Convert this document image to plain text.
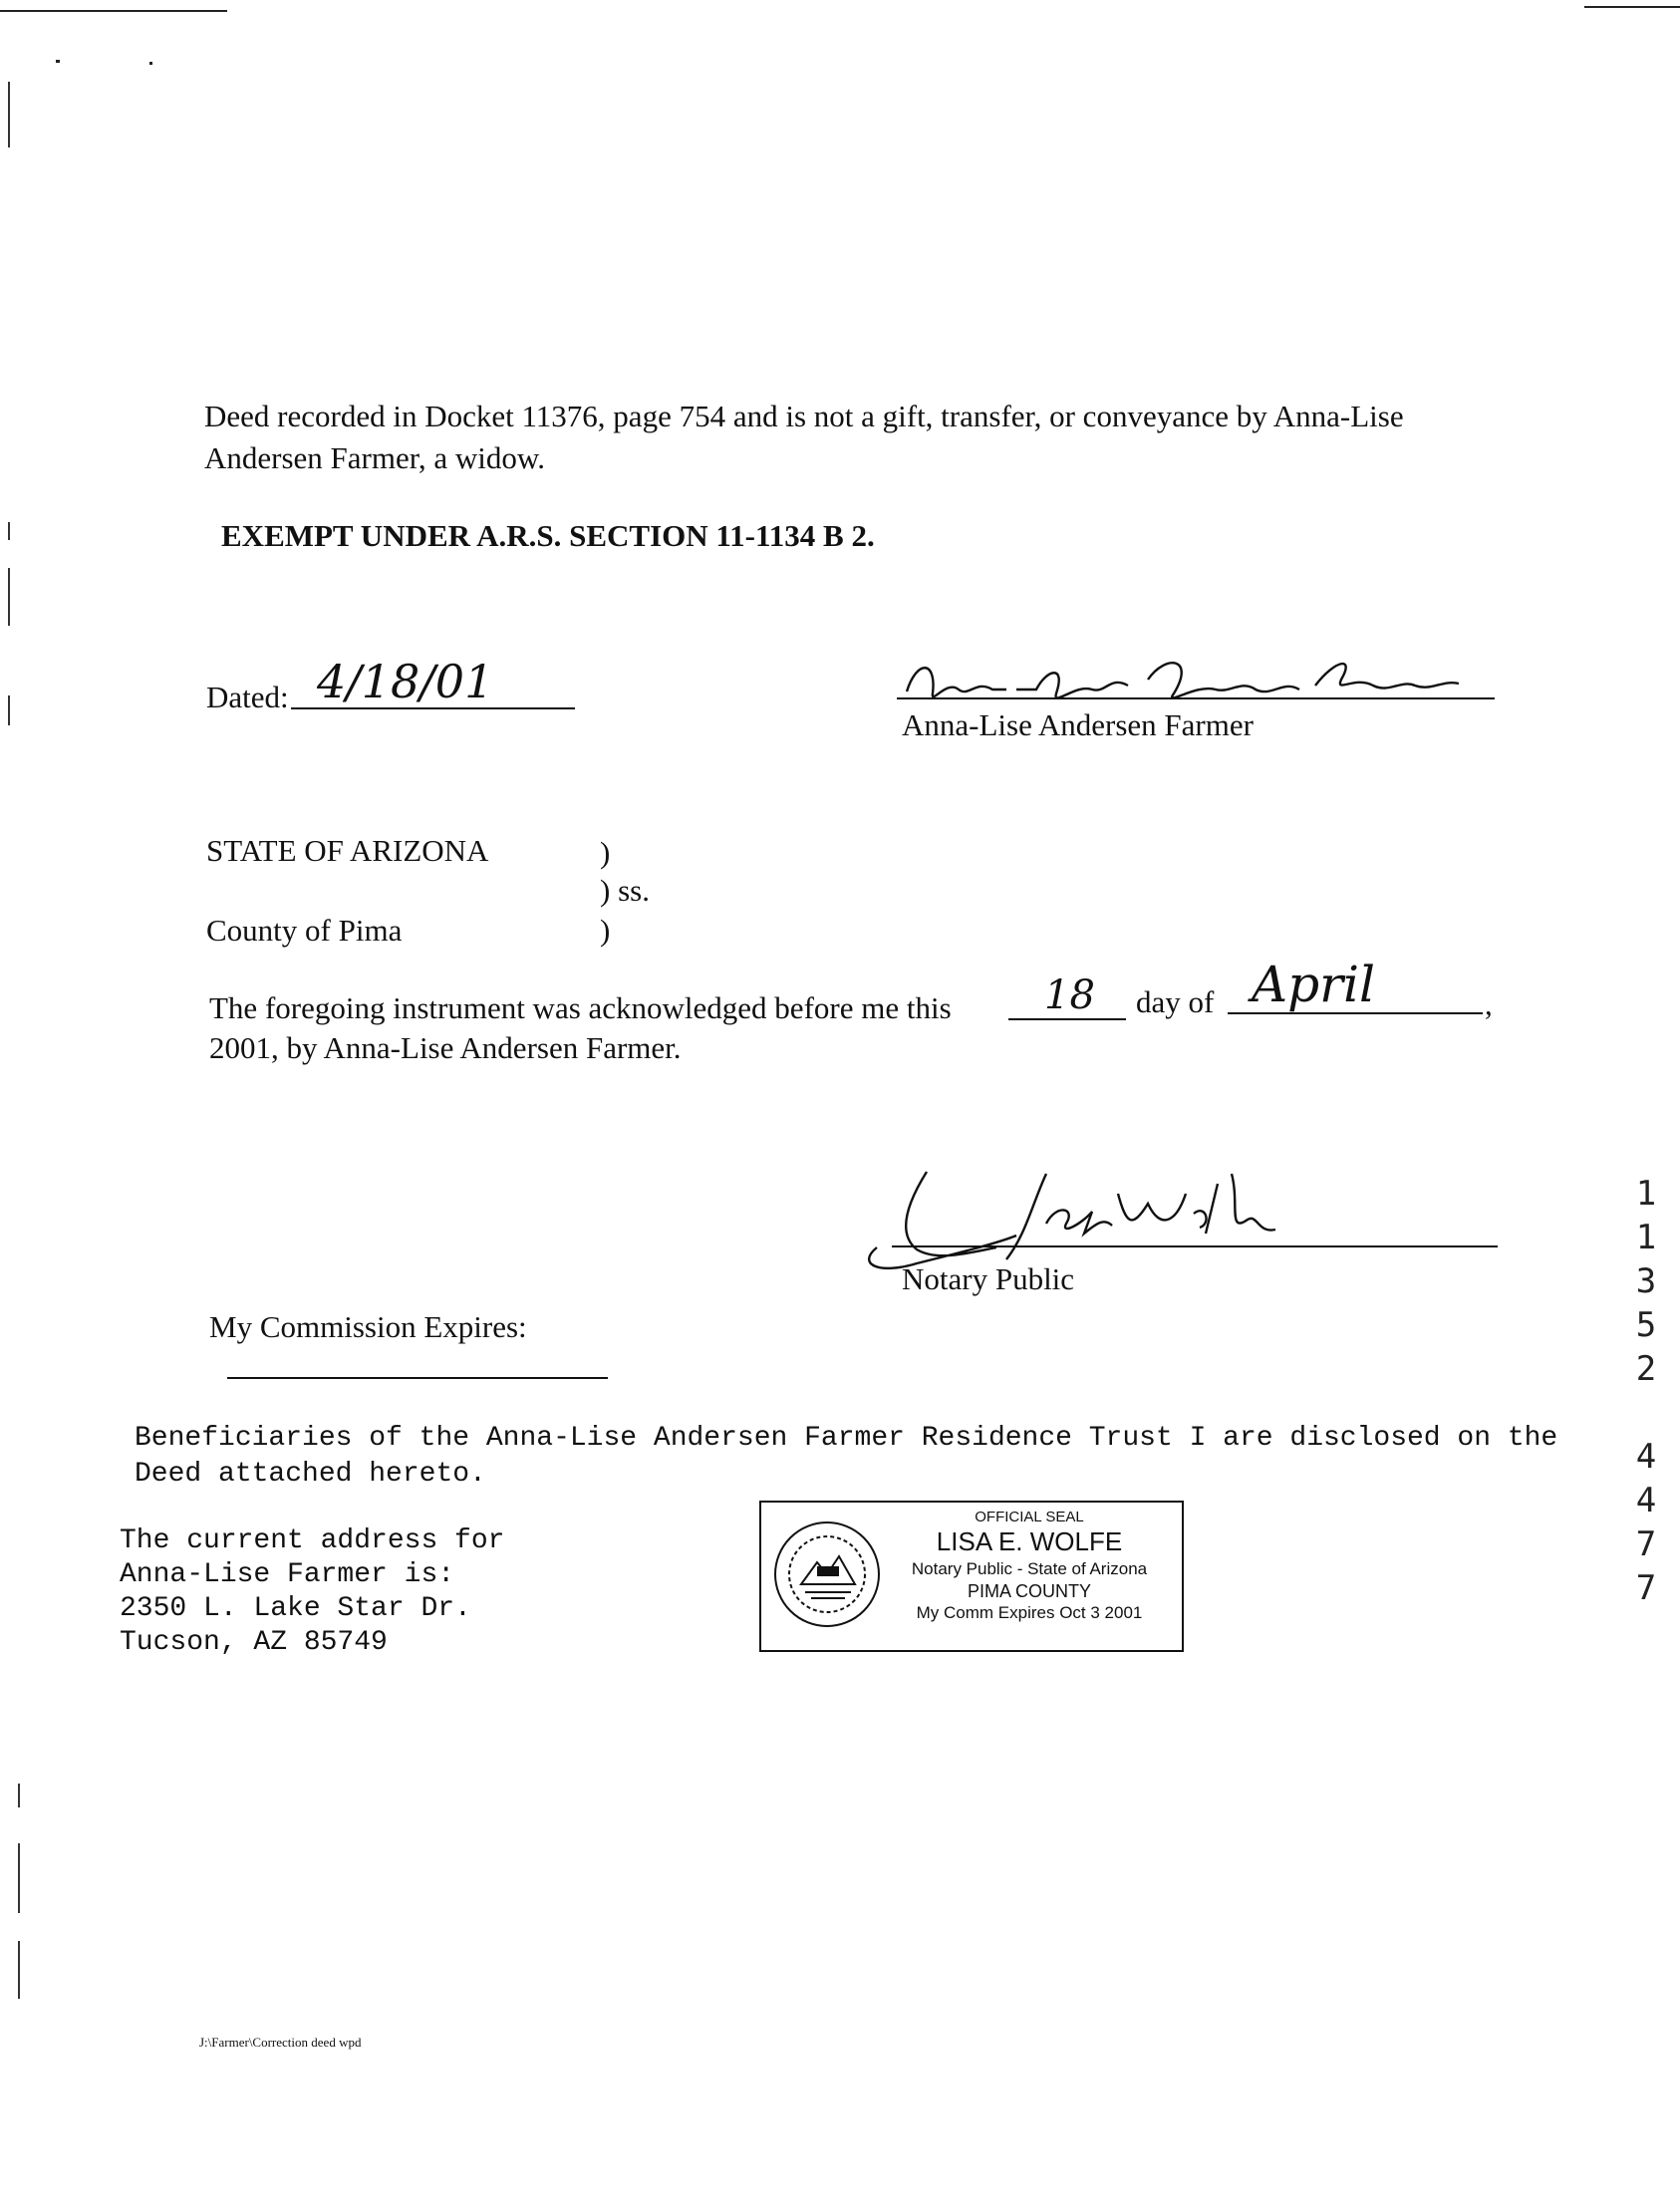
Deed recorded in Docket 11376, page 754 and is not a gift, transfer, or conveyance by Anna-Lise
Andersen Farmer, a widow.
EXEMPT UNDER A.R.S. SECTION 11-1134 B 2.
Dated: 4/18/01
Anna-Lise Andersen Farmer
STATE OF ARIZONA	)
) ss.
County of Pima	)
The foregoing instrument was acknowledged before me this 18 day of April	,
2001, by Anna-Lise Andersen Farmer.
Notary Public
My Commission Expires:
Beneficiaries of the Anna-Lise Andersen Farmer Residence Trust I are disclosed on the
Deed attached hereto.
The current address for
Anna-Lise Farmer is:
2350 L. Lake Star Dr.
Tucson, AZ 85749
OFFICIAL SEAL
LISA E. WOLFE
Notary Public - State of Arizona
PIMA COUNTY
My Comm Expires Oct 3 2001
11352 4477
J:\Farmer\Correction deed wpd
